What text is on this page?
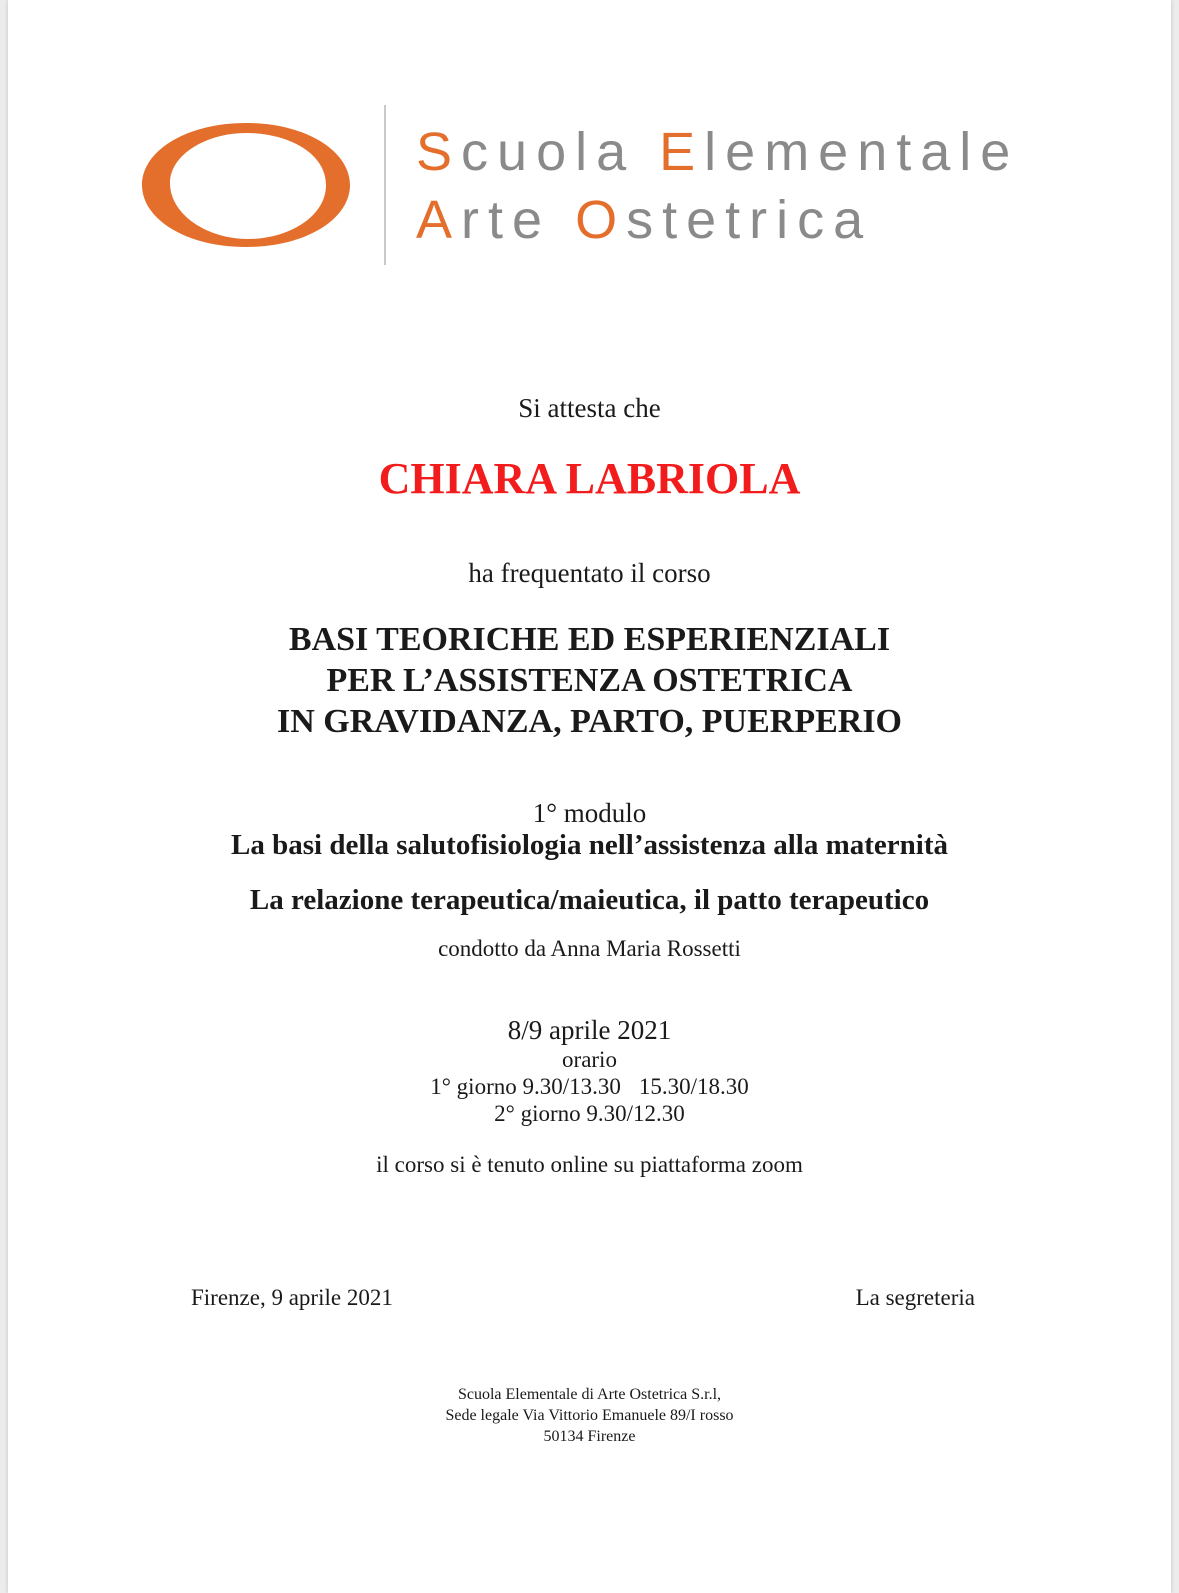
Scuola Elementale
Arte Ostetrica
Si attesta che
CHIARA LABRIOLA
ha frequentato il corso
BASI TEORICHE ED ESPERIENZIALI
PER L’ASSISTENZA OSTETRICA
IN GRAVIDANZA, PARTO, PUERPERIO
1° modulo
La basi della salutofisiologia nell’assistenza alla maternità
La relazione terapeutica/maieutica, il patto terapeutico
condotto da Anna Maria Rossetti
8/9 aprile 2021
orario
1° giorno 9.30/13.30 15.30/18.30
2° giorno 9.30/12.30
il corso si è tenuto online su piattaforma zoom
Firenze, 9 aprile 2021	La segreteria
Scuola Elementale di Arte Ostetrica S.r.l,
Sede legale Via Vittorio Emanuele 89/I rosso
50134 Firenze
